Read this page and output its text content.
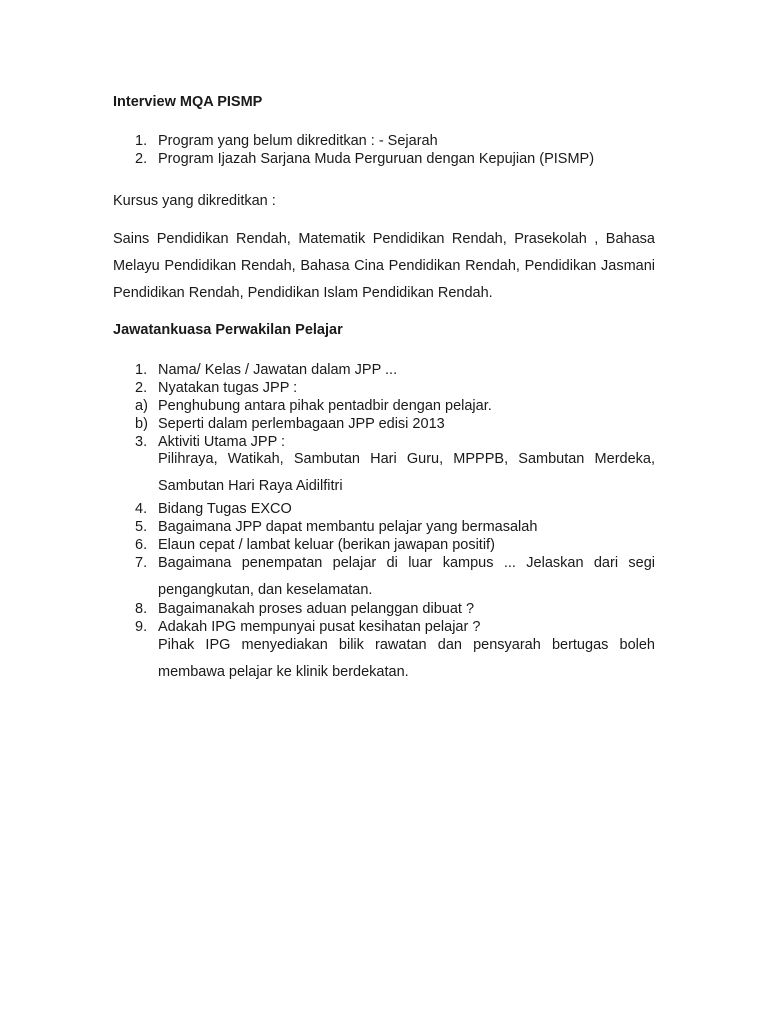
Interview MQA PISMP

1. Program yang belum dikreditkan : - Sejarah
2. Program Ijazah Sarjana Muda Perguruan dengan Kepujian (PISMP)

Kursus yang dikreditkan :

Sains Pendidikan Rendah, Matematik Pendidikan Rendah, Prasekolah , Bahasa Melayu Pendidikan Rendah, Bahasa Cina Pendidikan Rendah, Pendidikan Jasmani Pendidikan Rendah, Pendidikan Islam Pendidikan Rendah.

Jawatankuasa Perwakilan Pelajar

1. Nama/ Kelas / Jawatan dalam JPP ...
2. Nyatakan tugas JPP :
a) Penghubung antara pihak pentadbir dengan pelajar.
b) Seperti dalam perlembagaan JPP edisi 2013
3. Aktiviti Utama JPP :
Pilihraya, Watikah, Sambutan Hari Guru, MPPPB, Sambutan Merdeka, Sambutan Hari Raya Aidilfitri
4. Bidang Tugas EXCO
5. Bagaimana JPP dapat membantu pelajar yang bermasalah
6. Elaun cepat / lambat keluar (berikan jawapan positif)
7. Bagaimana penempatan pelajar di luar kampus ... Jelaskan dari segi pengangkutan, dan keselamatan.
8. Bagaimanakah proses aduan pelanggan dibuat ?
9. Adakah IPG mempunyai pusat kesihatan pelajar ?
Pihak IPG menyediakan bilik rawatan dan pensyarah bertugas boleh membawa pelajar ke klinik berdekatan.
